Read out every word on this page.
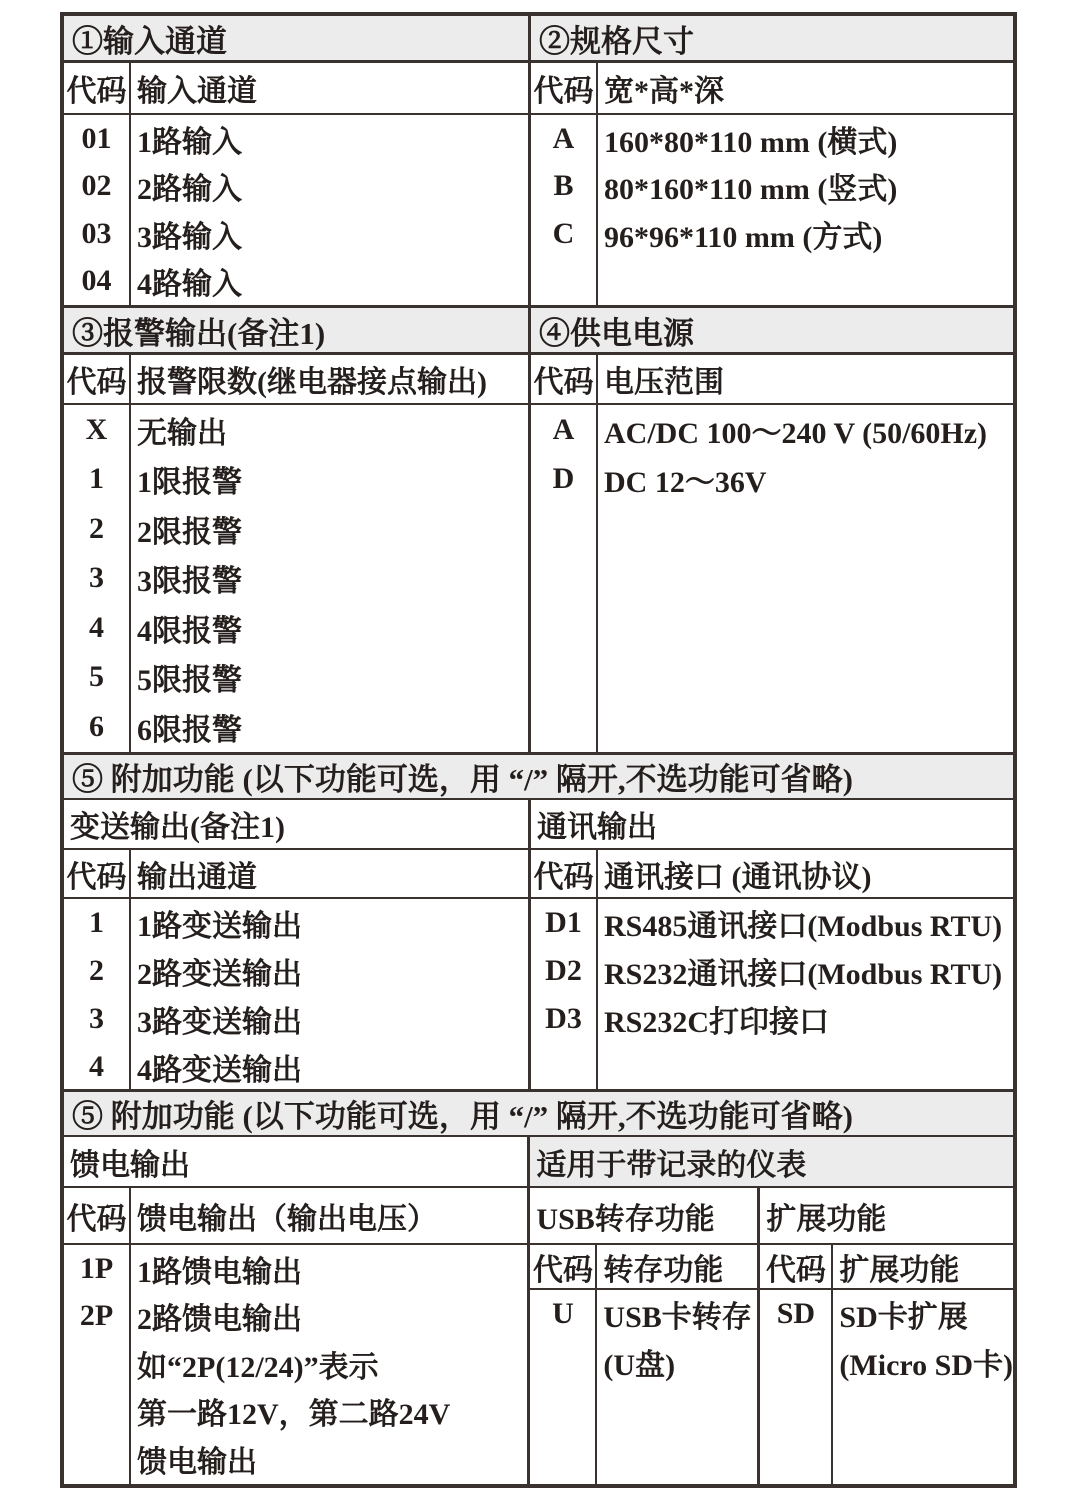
①输入通道
代码 输入通道
01
02
03
04
1路输入
2路输入
3路输入
4路输入
②规格尺寸
代码 宽*高*深
A
B
C
160*80*110 mm (横式)
80*160*110 mm (竖式)
96*96*110 mm (方式)
③报警输出(备注1)
代码 报警限数(继电器接点输出)
X
1
2
3
4
5
6
无输出
1限报警
2限报警
3限报警
4限报警
5限报警
6限报警
④供电电源
代码 电压范围
A
D
AC/DC 100～240 V (50/60Hz)
DC 12～36V
⑤ 附加功能 (以下功能可选，用 “/” 隔开,不选功能可省略)
变送输出(备注1)
代码 输出通道
1
2
3
4
1路变送输出
2路变送输出
3路变送输出
4路变送输出
通讯输出
代码 通讯接口 (通讯协议)
D1
D2
D3
RS485通讯接口(Modbus RTU)
RS232通讯接口(Modbus RTU)
RS232C打印接口
⑤ 附加功能 (以下功能可选，用 “/” 隔开,不选功能可省略)
馈电输出
代码 馈电输出（输出电压）
1P
2P
1路馈电输出
2路馈电输出
如“2P(12/24)”表示
第一路12V，第二路24V
馈电输出
适用于带记录的仪表
USB转存功能
代码 转存功能
U USB卡转存
(U盘)
扩展功能
代码 扩展功能
SD SD卡扩展
(Micro SD卡)
